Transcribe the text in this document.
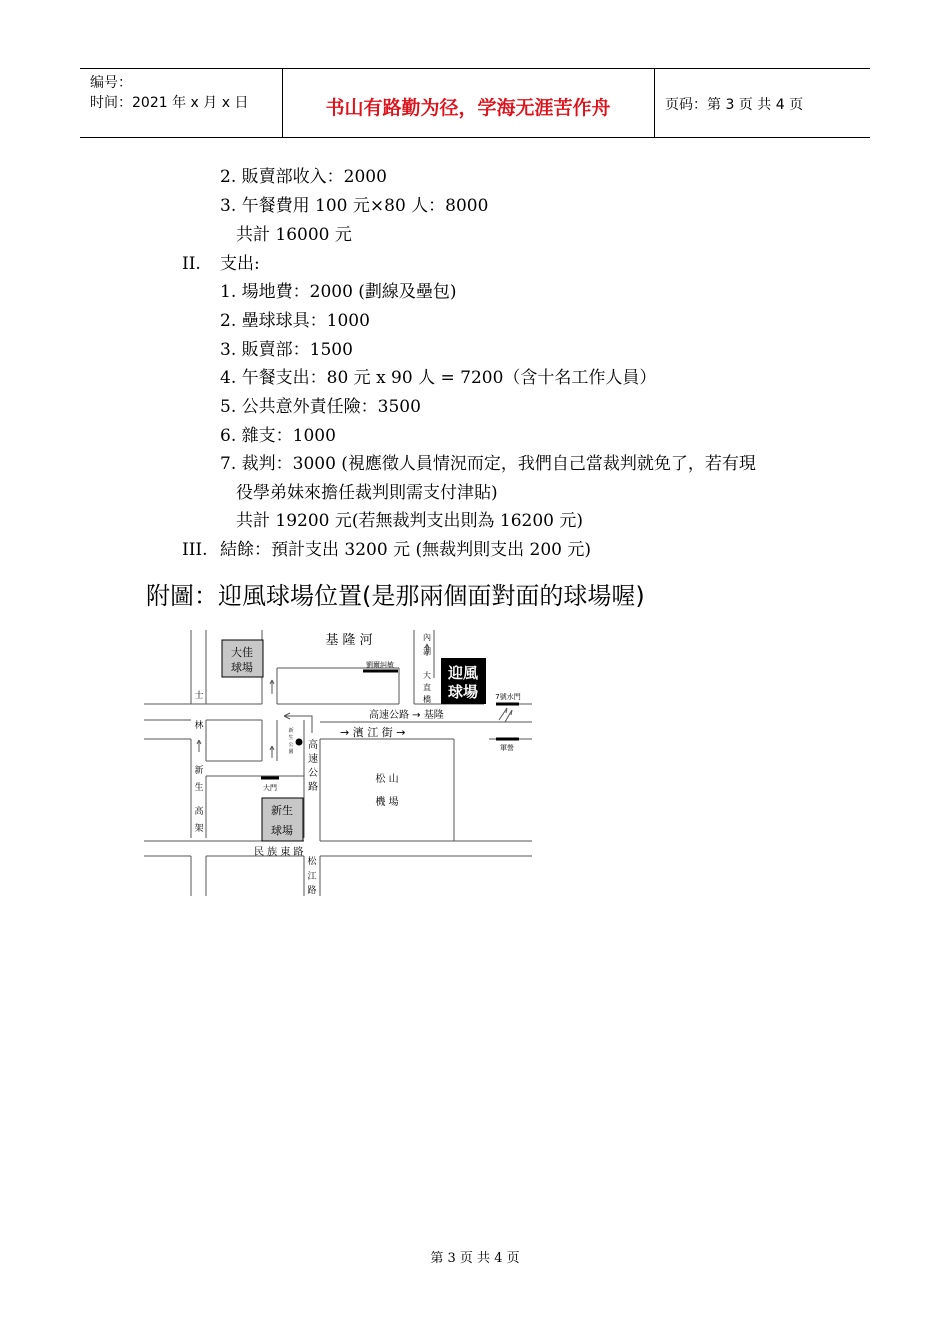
编号：
时间：2021 年 x 月 x 日	书山有路勤为径，学海无涯苦作舟	页码：第 3 页 共 4 页
2. 販賣部收入：2000
3. 午餐費用 100 元×80 人：8000
共計 16000 元
II. 支出:
1. 場地費：2000 (劃線及壘包)
2. 壘球球具：1000
3. 販賣部：1500
4. 午餐支出：80 元 x 90 人 = 7200（含十名工作人員）
5. 公共意外責任險：3500
6. 雜支：1000
7. 裁判：3000 (視應徵人員情況而定，我們自己當裁判就免了，若有現
役學弟妹來擔任裁判則需支付津貼)
共計 19200 元(若無裁判支出則為 16200 元)
III. 結餘：預計支出 3200 元 (無裁判則支出 200 元)
附圖：迎風球場位置(是那兩個面對面的球場喔)
大佳
球場
基 隆 河	內
湖
大
直
橋
迎風
球場
劉爾糾敏
7號水門
高速公路 → 基隆
士
林
新
生
高
架
新
生
公
園
高
速
公
路
→ 濱 江 街 →
軍營
松 山
機 場
大門
新生
球場
民 族 東 路
松
江
路
第 3 页 共 4 页
